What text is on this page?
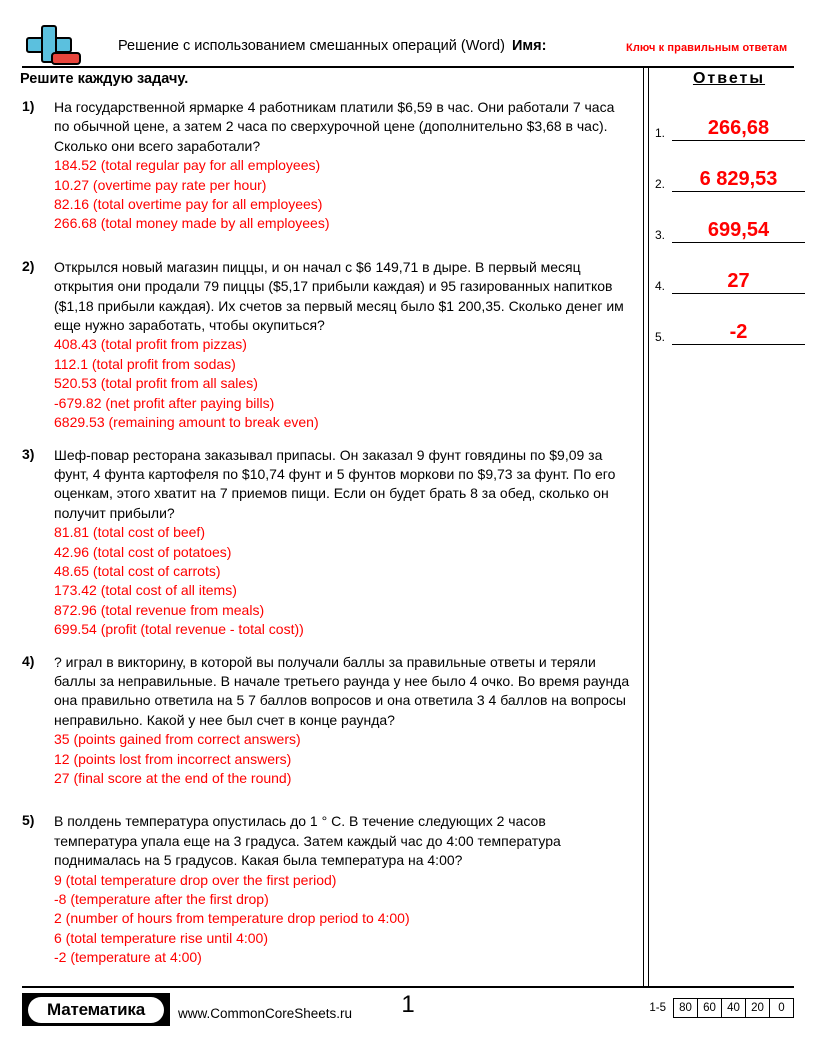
Решение с использованием смешанных операций (Word) Имя:	Ключ к правильным ответам
Решите каждую задачу.
1) На государственной ярмарке 4 работникам платили $6,59 в час. Они работали 7 часа по обычной цене, а затем 2 часа по сверхурочной цене (дополнительно $3,68 в час). Сколько они всего заработали?
184.52 (total regular pay for all employees)
10.27 (overtime pay rate per hour)
82.16 (total overtime pay for all employees)
266.68 (total money made by all employees)
2) Открылся новый магазин пиццы, и он начал с $6 149,71 в дыре. В первый месяц открытия они продали 79 пиццы ($5,17 прибыли каждая) и 95 газированных напитков ($1,18 прибыли каждая). Их счетов за первый месяц было $1 200,35. Сколько денег им еще нужно заработать, чтобы окупиться?
408.43 (total profit from pizzas)
112.1 (total profit from sodas)
520.53 (total profit from all sales)
-679.82 (net profit after paying bills)
6829.53 (remaining amount to break even)
3) Шеф-повар ресторана заказывал припасы. Он заказал 9 фунт говядины по $9,09 за фунт, 4 фунта картофеля по $10,74 фунт и 5 фунтов моркови по $9,73 за фунт. По его оценкам, этого хватит на 7 приемов пищи. Если он будет брать 8 за обед, сколько он получит прибыли?
81.81 (total cost of beef)
42.96 (total cost of potatoes)
48.65 (total cost of carrots)
173.42 (total cost of all items)
872.96 (total revenue from meals)
699.54 (profit (total revenue - total cost))
4) ? играл в викторину, в которой вы получали баллы за правильные ответы и теряли баллы за неправильные. В начале третьего раунда у нее было 4 очко. Во время раунда она правильно ответила на 5 7 баллов вопросов и она ответила 3 4 баллов на вопросы неправильно. Какой у нее был счет в конце раунда?
35 (points gained from correct answers)
12 (points lost from incorrect answers)
27 (final score at the end of the round)
5) В полдень температура опустилась до 1 ° C. В течение следующих 2 часов температура упала еще на 3 градуса. Затем каждый час до 4:00 температура поднималась на 5 градусов. Какая была температура на 4:00?
9 (total temperature drop over the first period)
-8 (temperature after the first drop)
2 (number of hours from temperature drop period to 4:00)
6 (total temperature rise until 4:00)
-2 (temperature at 4:00)
Ответы
1.	266,68
2.	6 829,53
3.	699,54
4.	27
5.	-2
Математика www.CommonCoreSheets.ru	1	1-5	80 60 40 20	0
